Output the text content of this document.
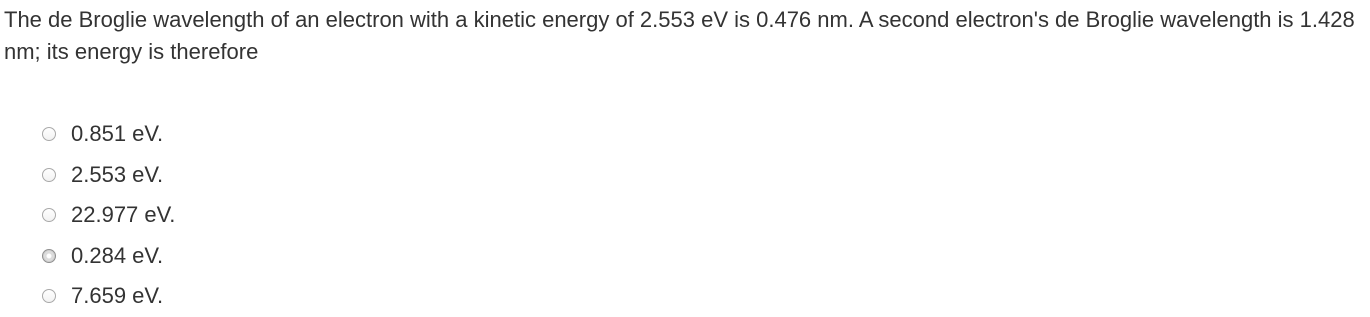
The de Broglie wavelength of an electron with a kinetic energy of 2.553 eV is 0.476 nm. A second electron's de Broglie wavelength is 1.428 nm; its energy is therefore

0.851 eV.
2.553 eV.
22.977 eV.
0.284 eV.
7.659 eV.
